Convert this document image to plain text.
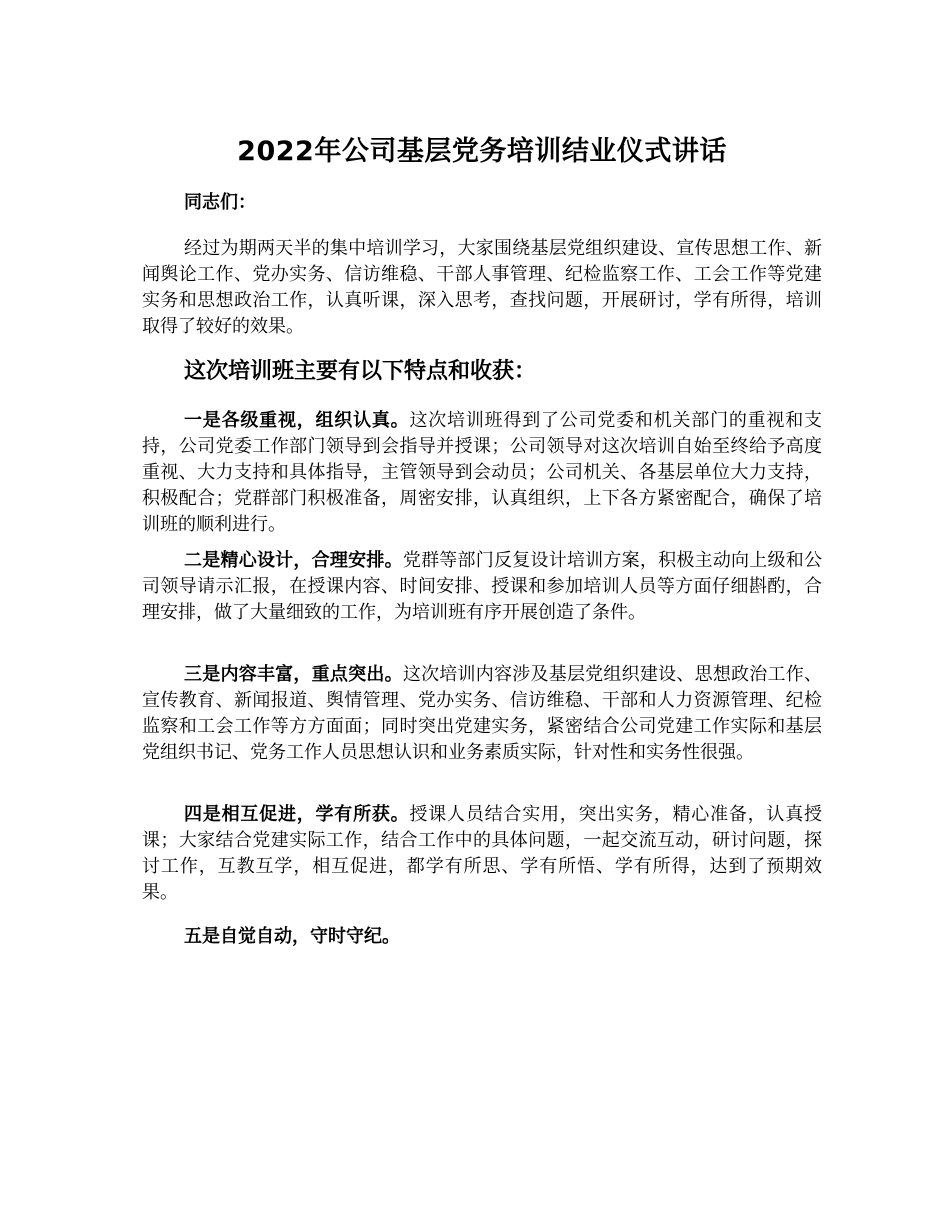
2022年公司基层党务培训结业仪式讲话

同志们：

经过为期两天半的集中培训学习，大家围绕基层党组织建设、宣传思想工作、新闻舆论工作、党办实务、信访维稳、干部人事管理、纪检监察工作、工会工作等党建实务和思想政治工作，认真听课，深入思考，查找问题，开展研讨，学有所得，培训取得了较好的效果。

这次培训班主要有以下特点和收获：

一是各级重视，组织认真。这次培训班得到了公司党委和机关部门的重视和支持，公司党委工作部门领导到会指导并授课；公司领导对这次培训自始至终给予高度重视、大力支持和具体指导，主管领导到会动员；公司机关、各基层单位大力支持，积极配合；党群部门积极准备，周密安排，认真组织，上下各方紧密配合，确保了培训班的顺利进行。

二是精心设计，合理安排。党群等部门反复设计培训方案，积极主动向上级和公司领导请示汇报，在授课内容、时间安排、授课和参加培训人员等方面仔细斟酌，合理安排，做了大量细致的工作，为培训班有序开展创造了条件。

三是内容丰富，重点突出。这次培训内容涉及基层党组织建设、思想政治工作、宣传教育、新闻报道、舆情管理、党办实务、信访维稳、干部和人力资源管理、纪检监察和工会工作等方方面面；同时突出党建实务，紧密结合公司党建工作实际和基层党组织书记、党务工作人员思想认识和业务素质实际，针对性和实务性很强。

四是相互促进，学有所获。授课人员结合实用，突出实务，精心准备，认真授课；大家结合党建实际工作，结合工作中的具体问题，一起交流互动，研讨问题，探讨工作，互教互学，相互促进，都学有所思、学有所悟、学有所得，达到了预期效果。

五是自觉自动，守时守纪。
